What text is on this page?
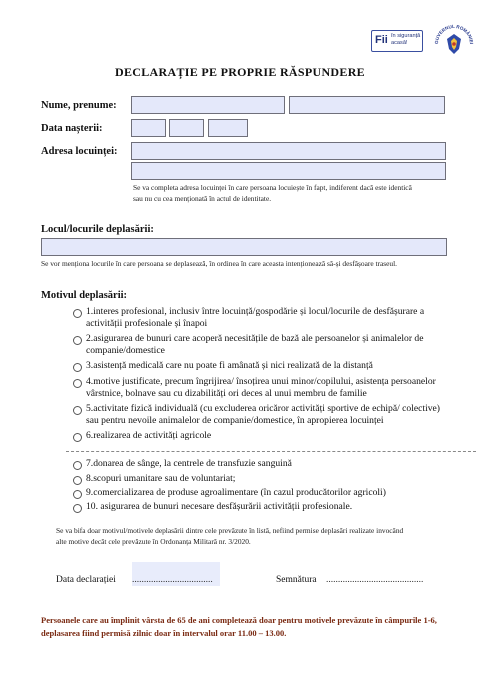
Fii în siguranță
acasă!	GUVERNUL ROMÂNIEI
DECLARAȚIE PE PROPRIE RĂSPUNDERE
Nume, prenume:
Data nașterii:
Adresa locuinței:
Se va completa adresa locuinței în care persoana locuiește în fapt, indiferent dacă este identică
sau nu cu cea menționată în actul de identitate.
Locul/locurile deplasării:
Se vor menționa locurile în care persoana se deplasează, în ordinea în care aceasta intenționează să-și desfășoare traseul.
Motivul deplasării:
1.interes profesional, inclusiv între locuință/gospodărie și locul/locurile de desfășurare a
activității profesionale și înapoi
2.asigurarea de bunuri care acoperă necesitățile de bază ale persoanelor și animalelor de
companie/domestice
3.asistență medicală care nu poate fi amânată și nici realizată de la distanță
4.motive justificate, precum îngrijirea/ însoțirea unui minor/copilului, asistența persoanelor
vârstnice, bolnave sau cu dizabilități ori deces al unui membru de familie
5.activitate fizică individuală (cu excluderea oricăror activități sportive de echipă/ colective)
sau pentru nevoile animalelor de companie/domestice, în apropierea locuinței
6.realizarea de activități agricole
7.donarea de sânge, la centrele de transfuzie sanguină
8.scopuri umanitare sau de voluntariat;
9.comercializarea de produse agroalimentare (în cazul producătorilor agricoli)
10. asigurarea de bunuri necesare desfășurării activității profesionale.
Se va bifa doar motivul/motivele deplasării dintre cele prevăzute în listă, nefiind permise deplasări realizate invocând
alte motive decât cele prevăzute în Ordonanța Militară nr. 3/2020.
Data declarației ..................................	Semnătura .........................................
Persoanele care au împlinit vârsta de 65 de ani completează doar pentru motivele prevăzute în câmpurile 1-6,
deplasarea fiind permisă zilnic doar în intervalul orar 11.00 – 13.00.
